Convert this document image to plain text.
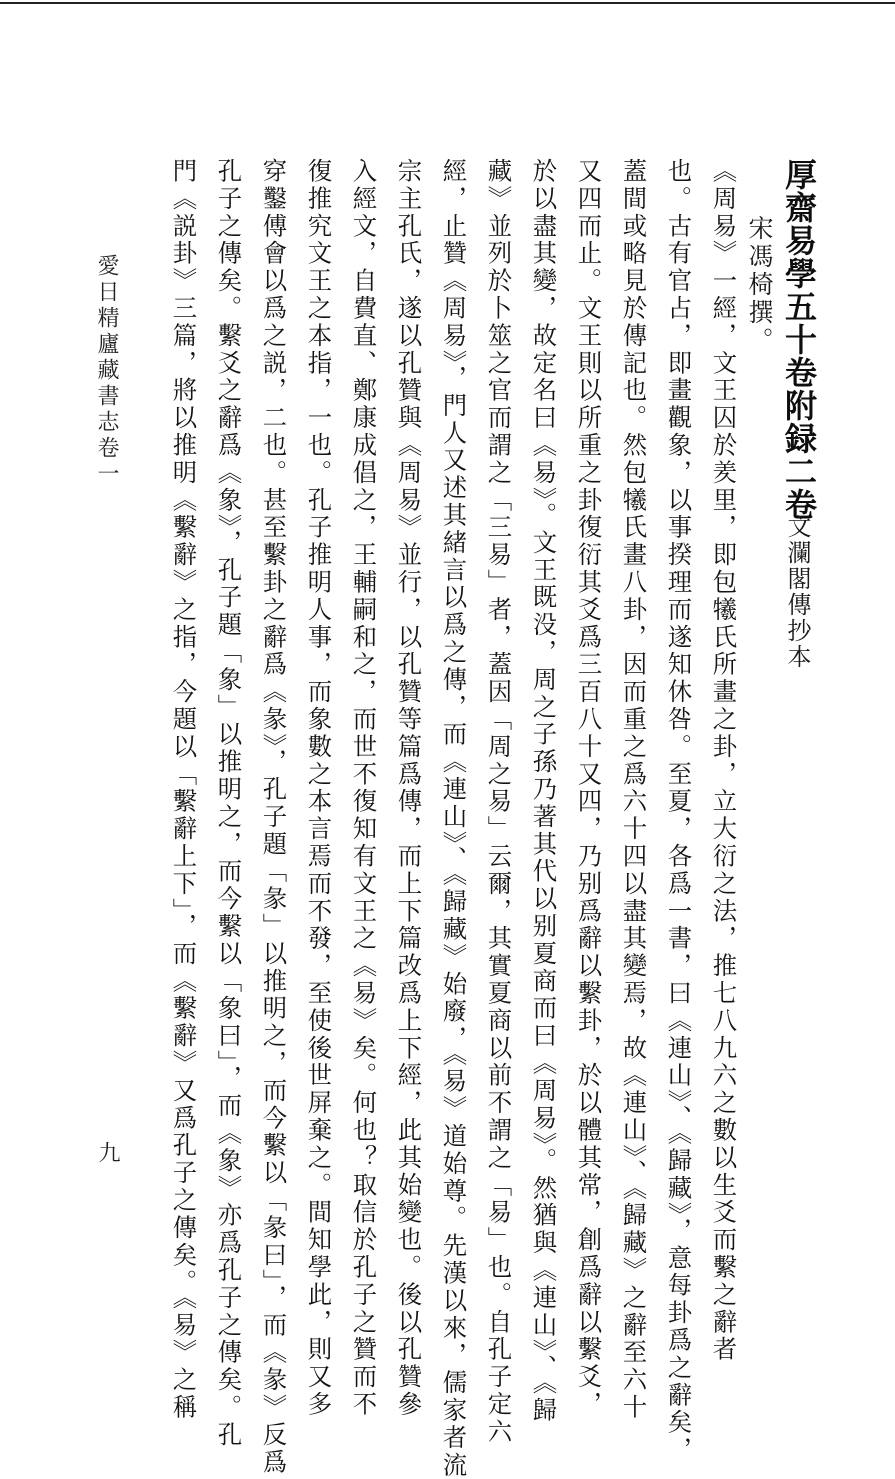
厚齋易學五十卷附録二卷
文瀾閣傳抄本
宋馮椅撰。
《周易》一經，文王囚於羑里，即包犧氏所畫之卦，立大衍之法，推七八九六之數以生爻而繫之辭者
也。古有官占，即畫觀象，以事揆理而遂知休咎。至夏，各爲一書，曰《連山》、《歸藏》，意每卦爲之辭矣，
蓋間或略見於傳記也。然包犧氏畫八卦，因而重之爲六十四以盡其變焉，故《連山》、《歸藏》之辭至六十
又四而止。文王則以所重之卦復衍其爻爲三百八十又四，乃别爲辭以繫卦，於以體其常，創爲辭以繫爻，
於以盡其變，故定名曰《易》。文王既没，周之子孫乃著其代以别夏商而曰《周易》。然猶與《連山》、《歸
藏》並列於卜筮之官而謂之「三易」者，蓋因「周之易」云爾，其實夏商以前不謂之「易」也。自孔子定六
經，止贊《周易》，門人又述其緒言以爲之傳，而《連山》、《歸藏》始廢，《易》道始尊。先漢以來，儒家者流
宗主孔氏，遂以孔贊與《周易》並行，以孔贊等篇爲傳，而上下篇改爲上下經，此其始變也。後以孔贊參
入經文，自費直、鄭康成倡之，王輔嗣和之，而世不復知有文王之《易》矣。何也？取信於孔子之贊而不
復推究文王之本指，一也。孔子推明人事，而象數之本言焉而不發，至使後世屏棄之。間知學此，則又多
穿鑿傅會以爲之説，二也。甚至繫卦之辭爲《彖》，孔子題「彖」以推明之，而今繫以「彖曰」，而《彖》反爲
孔子之傳矣。繫爻之辭爲《象》，孔子題「象」以推明之，而今繫以「象曰」，而《象》亦爲孔子之傳矣。孔
門《説卦》三篇，將以推明《繫辭》之指，今題以「繫辭上下」，而《繫辭》又爲孔子之傳矣。《易》之稱
愛日精廬藏書志卷一
九
